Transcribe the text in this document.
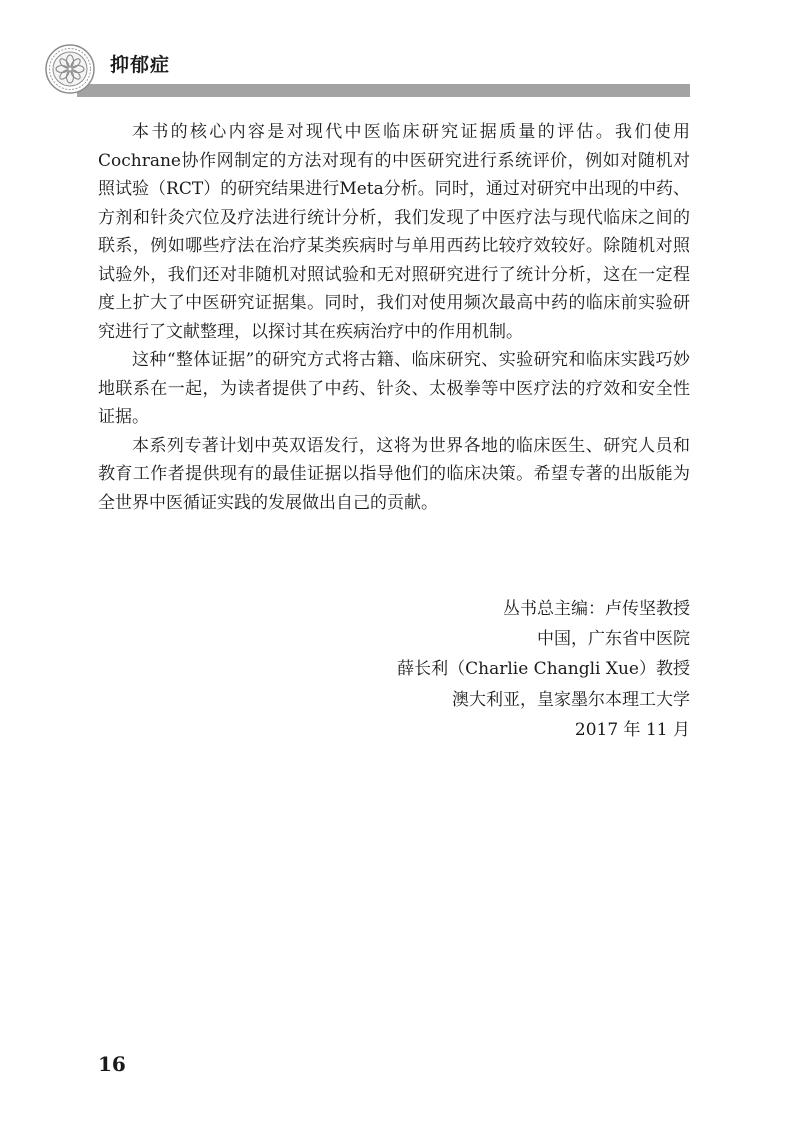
抑郁症

本书的核心内容是对现代中医临床研究证据质量的评估。我们使用Cochrane协作网制定的方法对现有的中医研究进行系统评价，例如对随机对照试验（RCT）的研究结果进行Meta分析。同时，通过对研究中出现的中药、方剂和针灸穴位及疗法进行统计分析，我们发现了中医疗法与现代临床之间的联系，例如哪些疗法在治疗某类疾病时与单用西药比较疗效较好。除随机对照试验外，我们还对非随机对照试验和无对照研究进行了统计分析，这在一定程度上扩大了中医研究证据集。同时，我们对使用频次最高中药的临床前实验研究进行了文献整理，以探讨其在疾病治疗中的作用机制。

这种“整体证据”的研究方式将古籍、临床研究、实验研究和临床实践巧妙地联系在一起，为读者提供了中药、针灸、太极拳等中医疗法的疗效和安全性证据。

本系列专著计划中英双语发行，这将为世界各地的临床医生、研究人员和教育工作者提供现有的最佳证据以指导他们的临床决策。希望专著的出版能为全世界中医循证实践的发展做出自己的贡献。

丛书总主编：卢传坚教授
中国，广东省中医院
薛长利（Charlie Changli Xue）教授
澳大利亚，皇家墨尔本理工大学
2017 年 11 月
16
